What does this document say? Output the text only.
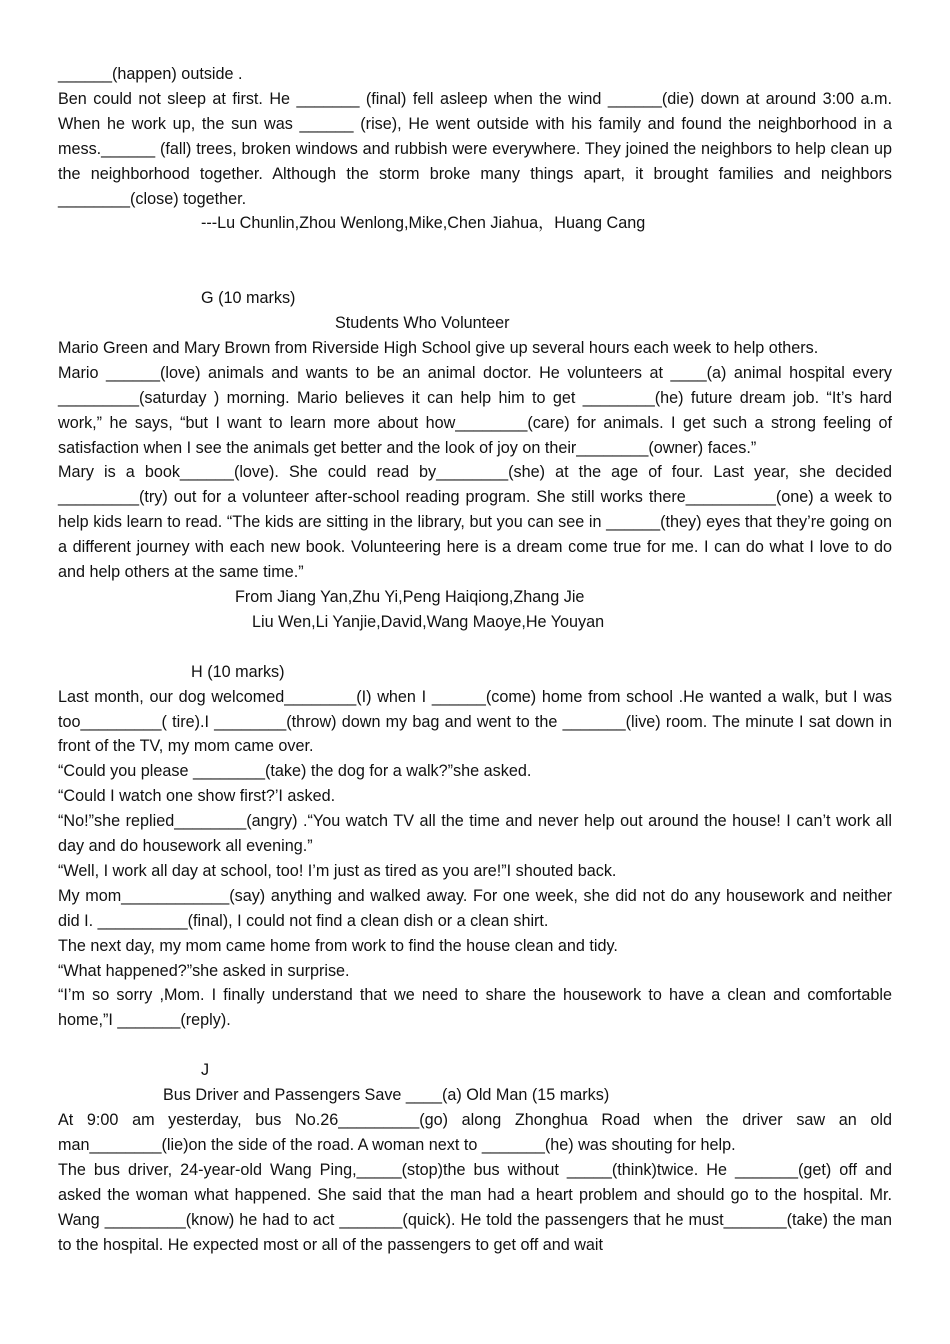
______(happen) outside .

Ben could not sleep at first. He _______ (final) fell asleep when the wind ______(die) down at around 3:00 a.m. When he work up, the sun was ______ (rise), He went outside with his family and found the neighborhood in a mess.______ (fall) trees, broken windows and rubbish were everywhere. They joined the neighbors to help clean up the neighborhood together. Although the storm broke many things apart, it brought families and neighbors ________(close) together.

---Lu Chunlin,Zhou Wenlong,Mike,Chen Jiahua，Huang Cang

G (10 marks)

Students Who Volunteer

Mario Green and Mary Brown from Riverside High School give up several hours each week to help others.

Mario ______(love) animals and wants to be an animal doctor. He volunteers at ____(a) animal hospital every _________(saturday ) morning. Mario believes it can help him to get ________(he) future dream job. “It’s hard work,” he says, “but I want to learn more about how________(care) for animals. I get such a strong feeling of satisfaction when I see the animals get better and the look of joy on their________(owner) faces.”

Mary is a book______(love). She could read by________(she) at the age of four. Last year, she decided _________(try) out for a volunteer after-school reading program. She still works there__________(one) a week to help kids learn to read. “The kids are sitting in the library, but you can see in ______(they) eyes that they’re going on a different journey with each new book. Volunteering here is a dream come true for me. I can do what I love to do and help others at the same time.”

From Jiang Yan,Zhu Yi,Peng Haiqiong,Zhang Jie

Liu Wen,Li Yanjie,David,Wang Maoye,He Youyan

H (10 marks)

Last month, our dog welcomed________(I) when I ______(come) home from school .He wanted a walk, but I was too_________( tire).I ________(throw) down my bag and went to the _______(live) room. The minute I sat down in front of the TV, my mom came over.

“Could you please ________(take) the dog for a walk?”she asked.

“Could I watch one show first?’I asked.

“No!”she replied________(angry) .“You watch TV all the time and never help out around the house! I can’t work all day and do housework all evening.”

“Well, I work all day at school, too! I’m just as tired as you are!”I shouted back.

My mom____________(say) anything and walked away. For one week, she did not do any housework and neither did I. __________(final), I could not find a clean dish or a clean shirt.

The next day, my mom came home from work to find the house clean and tidy.

“What happened?”she asked in surprise.

“I’m so sorry ,Mom. I finally understand that we need to share the housework to have a clean and comfortable home,”I _______(reply).

J

Bus Driver and Passengers Save ____(a) Old Man (15 marks)

At 9:00 am yesterday, bus No.26_________(go) along Zhonghua Road when the driver saw an old man________(lie)on the side of the road. A woman next to _______(he) was shouting for help.

The bus driver, 24-year-old Wang Ping,_____(stop)the bus without _____(think)twice. He _______(get) off and asked the woman what happened. She said that the man had a heart problem and should go to the hospital. Mr. Wang _________(know) he had to act _______(quick). He told the passengers that he must_______(take) the man to the hospital. He expected most or all of the passengers to get off and wait
